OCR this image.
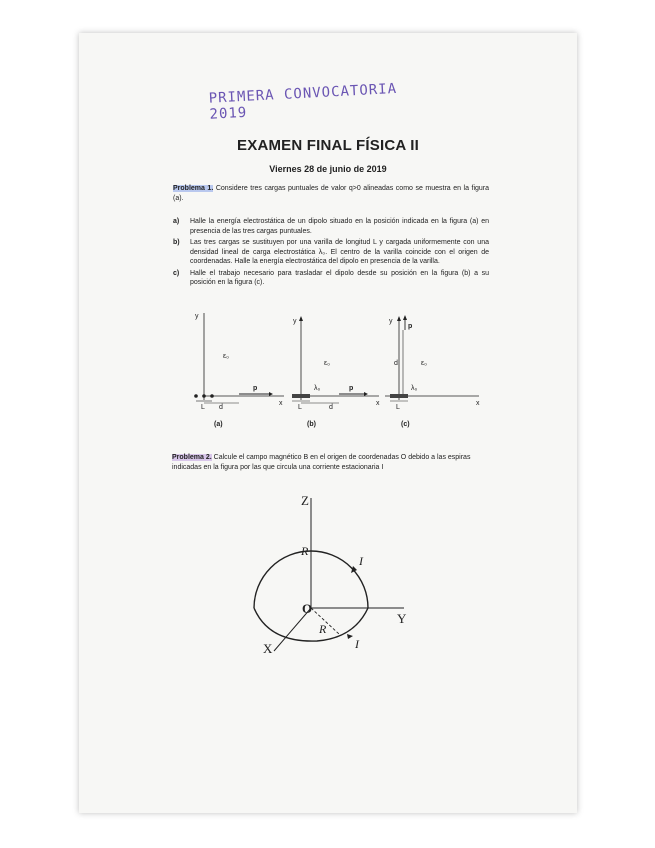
PRIMERA CONVOCATORIA 2019
EXAMEN FINAL FÍSICA II
Viernes 28 de junio de 2019
Problema 1. Considere tres cargas puntuales de valor q>0 alineadas como se muestra en la figura (a).
a)	Halle la energía electrostática de un dipolo situado en la posición indicada en la figura (a) en presencia de las tres cargas puntuales.
b)	Las tres cargas se sustituyen por una varilla de longitud L y cargada uniformemente con una densidad lineal de carga electrostática λ₀. El centro de la varilla coincide con el origen de coordenadas. Halle la energía electrostática del dipolo en presencia de la varilla.
c)	Halle el trabajo necesario para trasladar el dipolo desde su posición en la figura (b) a su posición en la figura (c).
y
x
ε₀
p
L d
(a)
y
x
ε₀
λ₀	p
L	d
(b)
y
x
ε₀
p
λ₀
d
L
(c)
Problema 2. Calcule el campo magnético B en el origen de coordenadas O debido a las espiras indicadas en la figura por las que circula una corriente estacionaria I
Z
Y
X
O
R
I
R
I
